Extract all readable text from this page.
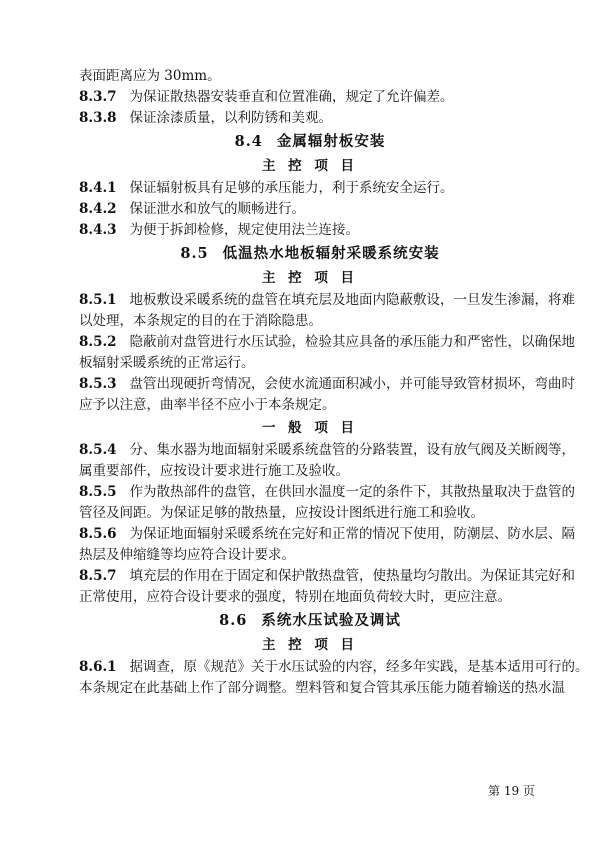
表面距离应为 30mm。
8.3.7 为保证散热器安装垂直和位置准确，规定了允许偏差。
8.3.8 保证涂漆质量，以利防锈和美观。
8.4 金属辐射板安装
主 控 项 目
8.4.1 保证辐射板具有足够的承压能力，利于系统安全运行。
8.4.2 保证泄水和放气的顺畅进行。
8.4.3 为便于拆卸检修，规定使用法兰连接。
8.5 低温热水地板辐射采暖系统安装
主 控 项 目
8.5.1 地板敷设采暖系统的盘管在填充层及地面内隐蔽敷设，一旦发生渗漏，将难
以处理，本条规定的目的在于消除隐患。
8.5.2 隐蔽前对盘管进行水压试验，检验其应具备的承压能力和严密性，以确保地
板辐射采暖系统的正常运行。
8.5.3 盘管出现硬折弯情况，会使水流通面积减小，并可能导致管材损坏，弯曲时
应予以注意，曲率半径不应小于本条规定。
一 般 项 目
8.5.4 分、集水器为地面辐射采暖系统盘管的分路装置，设有放气阀及关断阀等，
属重要部件，应按设计要求进行施工及验收。
8.5.5 作为散热部件的盘管，在供回水温度一定的条件下，其散热量取决于盘管的
管径及间距。为保证足够的散热量，应按设计图纸进行施工和验收。
8.5.6 为保证地面辐射采暖系统在完好和正常的情况下使用，防潮层、防水层、隔
热层及伸缩缝等均应符合设计要求。
8.5.7 填充层的作用在于固定和保护散热盘管，使热量均匀散出。为保证其完好和
正常使用，应符合设计要求的强度，特别在地面负荷较大时，更应注意。
8.6 系统水压试验及调试
主 控 项 目
8.6.1 据调查，原《规范》关于水压试验的内容，经多年实践，是基本适用可行的。
本条规定在此基础上作了部分调整。塑料管和复合管其承压能力随着输送的热水温
第 19 页
